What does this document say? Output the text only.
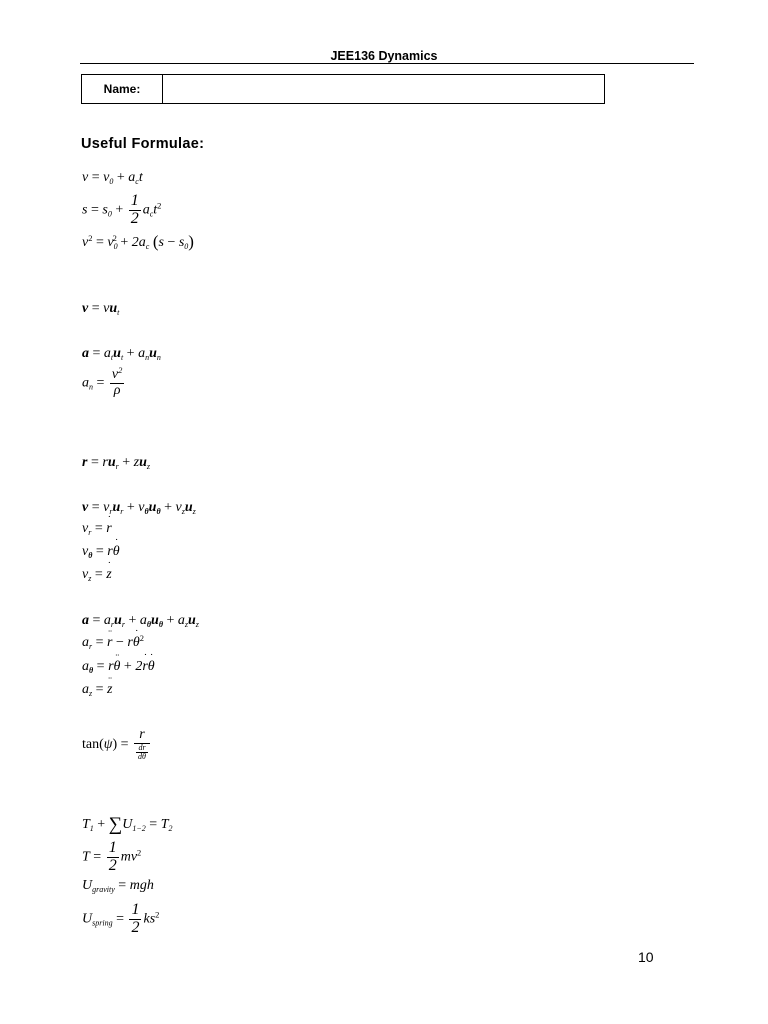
JEE136 Dynamics
Name:
Useful Formulae:
$v = v_0 + a_ct$
$s = s_0 + \frac{1}{2} a_ct^2$
$v^2 = v_0^2 + 2a_c$ $(s - s_0)$
$v = vu_t$
$a = a_tu_t + a_nu_n$
$a_n = \frac{v^2}{\rho}$
$r = ru_r + zu_z$
$v = v_ru_r + v_\theta u_\theta + v_zu_z$
$v_r$ = ˙ r
$v_\theta$ = r˙ θ
$v_z$ = ˙ z
$a = a_ru_r + a_\theta u_\theta + a_zu_z$
$a_r$ = ¨ r − r˙ $\theta^2$
$a_\theta$ = r¨ θ + 2˙ r˙ θ
$a_z$ = ¨ z
$\tan(\psi) = \frac{r}{\frac{dr}{d\theta}}$
$T_1 + \sum U_{1-2} = T_2$
$T = \frac{1}{2} mv^2$
$U_{gravity}$ = mgh
$U_{spring} = \frac{1}{2} ks^2$
10
